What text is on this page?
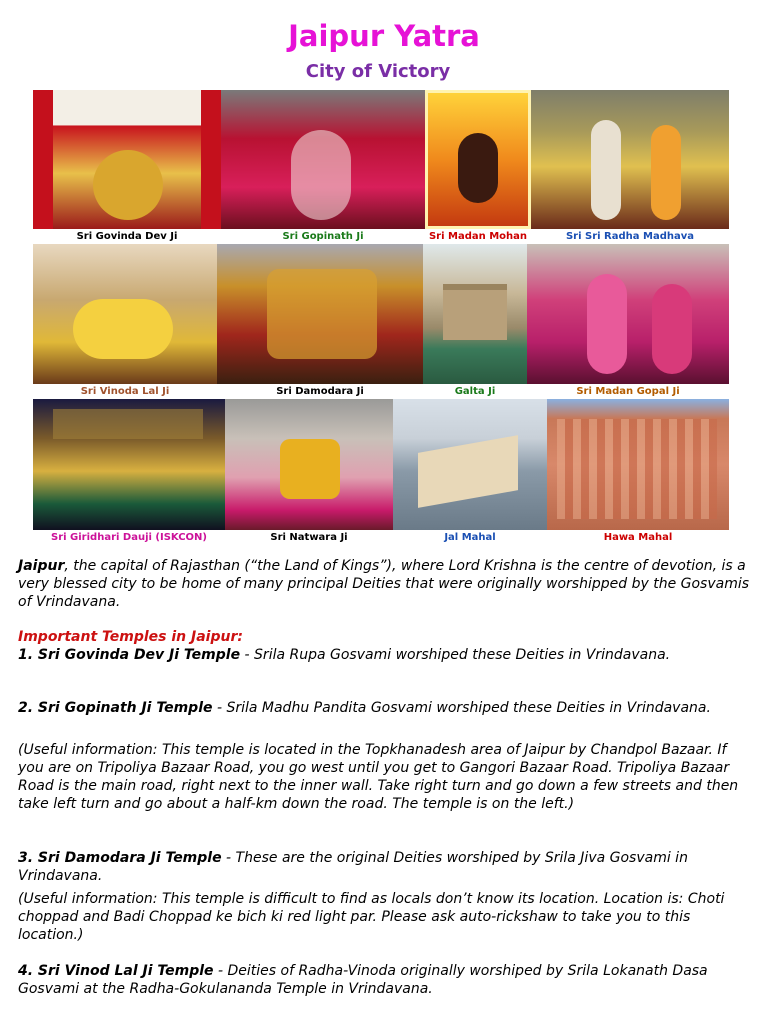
Jaipur Yatra
City of Victory
Sri Govinda Dev Ji	Sri Gopinath Ji	Sri Madan Mohan	Sri Sri Radha Madhava
Sri Vinoda Lal Ji	Sri Damodara Ji	Galta Ji	Sri Madan Gopal Ji
Sri Giridhari Dauji (ISKCON)	Sri Natwara Ji	Jal Mahal	Hawa Mahal
Jaipur, the capital of Rajasthan (“the Land of Kings”), where Lord Krishna is the centre of devotion, is a very blessed city to be home of many principal Deities that were originally worshipped by the Gosvamis of Vrindavana.
Important Temples in Jaipur:
1. Sri Govinda Dev Ji Temple - Srila Rupa Gosvami worshiped these Deities in Vrindavana.
2. Sri Gopinath Ji Temple - Srila Madhu Pandita Gosvami worshiped these Deities in Vrindavana.
(Useful information: This temple is located in the Topkhanadesh area of Jaipur by Chandpol Bazaar. If you are on Tripoliya Bazaar Road, you go west until you get to Gangori Bazaar Road. Tripoliya Bazaar Road is the main road, right next to the inner wall. Take right turn and go down a few streets and then take left turn and go about a half-km down the road. The temple is on the left.)
3. Sri Damodara Ji Temple - These are the original Deities worshiped by Srila Jiva Gosvami in Vrindavana.
(Useful information: This temple is difficult to find as locals don’t know its location. Location is: Choti choppad and Badi Choppad ke bich ki red light par. Please ask auto-rickshaw to take you to this location.)
4. Sri Vinod Lal Ji Temple - Deities of Radha-Vinoda originally worshiped by Srila Lokanath Dasa Gosvami at the Radha-Gokulananda Temple in Vrindavana.
